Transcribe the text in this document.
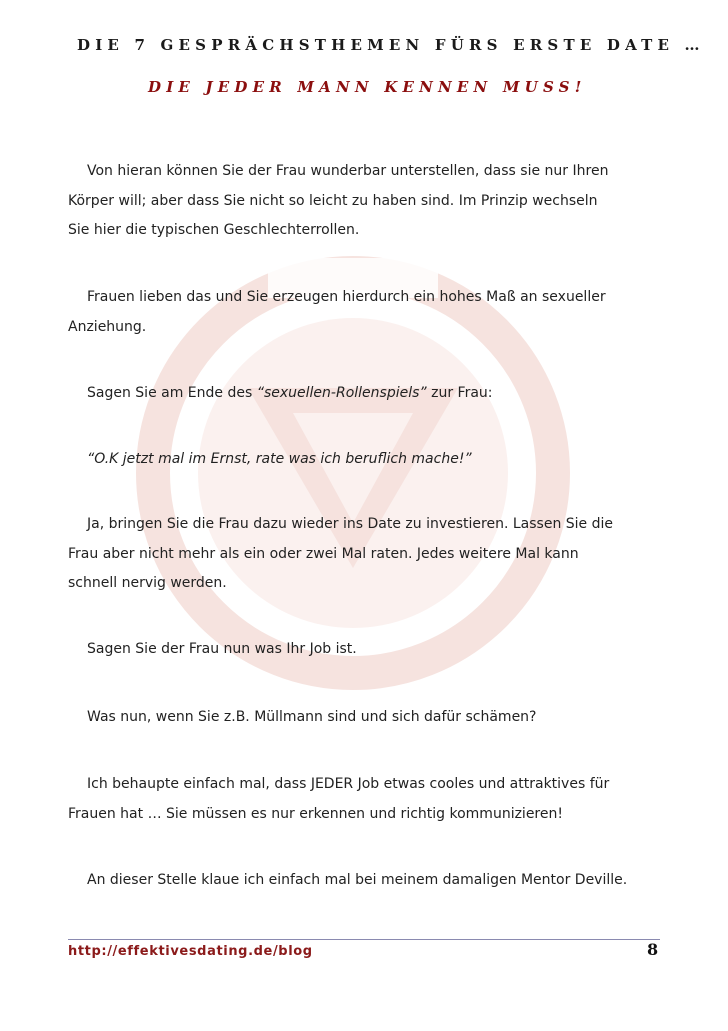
DIE 7 GESPRÄCHSTHEMEN FÜRS ERSTE DATE …
DIE JEDER MANN KENNEN MUSS!
Von hieran können Sie der Frau wunderbar unterstellen, dass sie nur Ihren
Körper will; aber dass Sie nicht so leicht zu haben sind. Im Prinzip wechseln
Sie hier die typischen Geschlechterrollen.
Frauen lieben das und Sie erzeugen hierdurch ein hohes Maß an sexueller
Anziehung.
Sagen Sie am Ende des “sexuellen-Rollenspiels” zur Frau:
“O.K jetzt mal im Ernst, rate was ich beruflich mache!”
Ja, bringen Sie die Frau dazu wieder ins Date zu investieren. Lassen Sie die
Frau aber nicht mehr als ein oder zwei Mal raten. Jedes weitere Mal kann
schnell nervig werden.
Sagen Sie der Frau nun was Ihr Job ist.
Was nun, wenn Sie z.B. Müllmann sind und sich dafür schämen?
Ich behaupte einfach mal, dass JEDER Job etwas cooles und attraktives für
Frauen hat … Sie müssen es nur erkennen und richtig kommunizieren!
An dieser Stelle klaue ich einfach mal bei meinem damaligen Mentor Deville.
http://effektivesdating.de/blog	8
